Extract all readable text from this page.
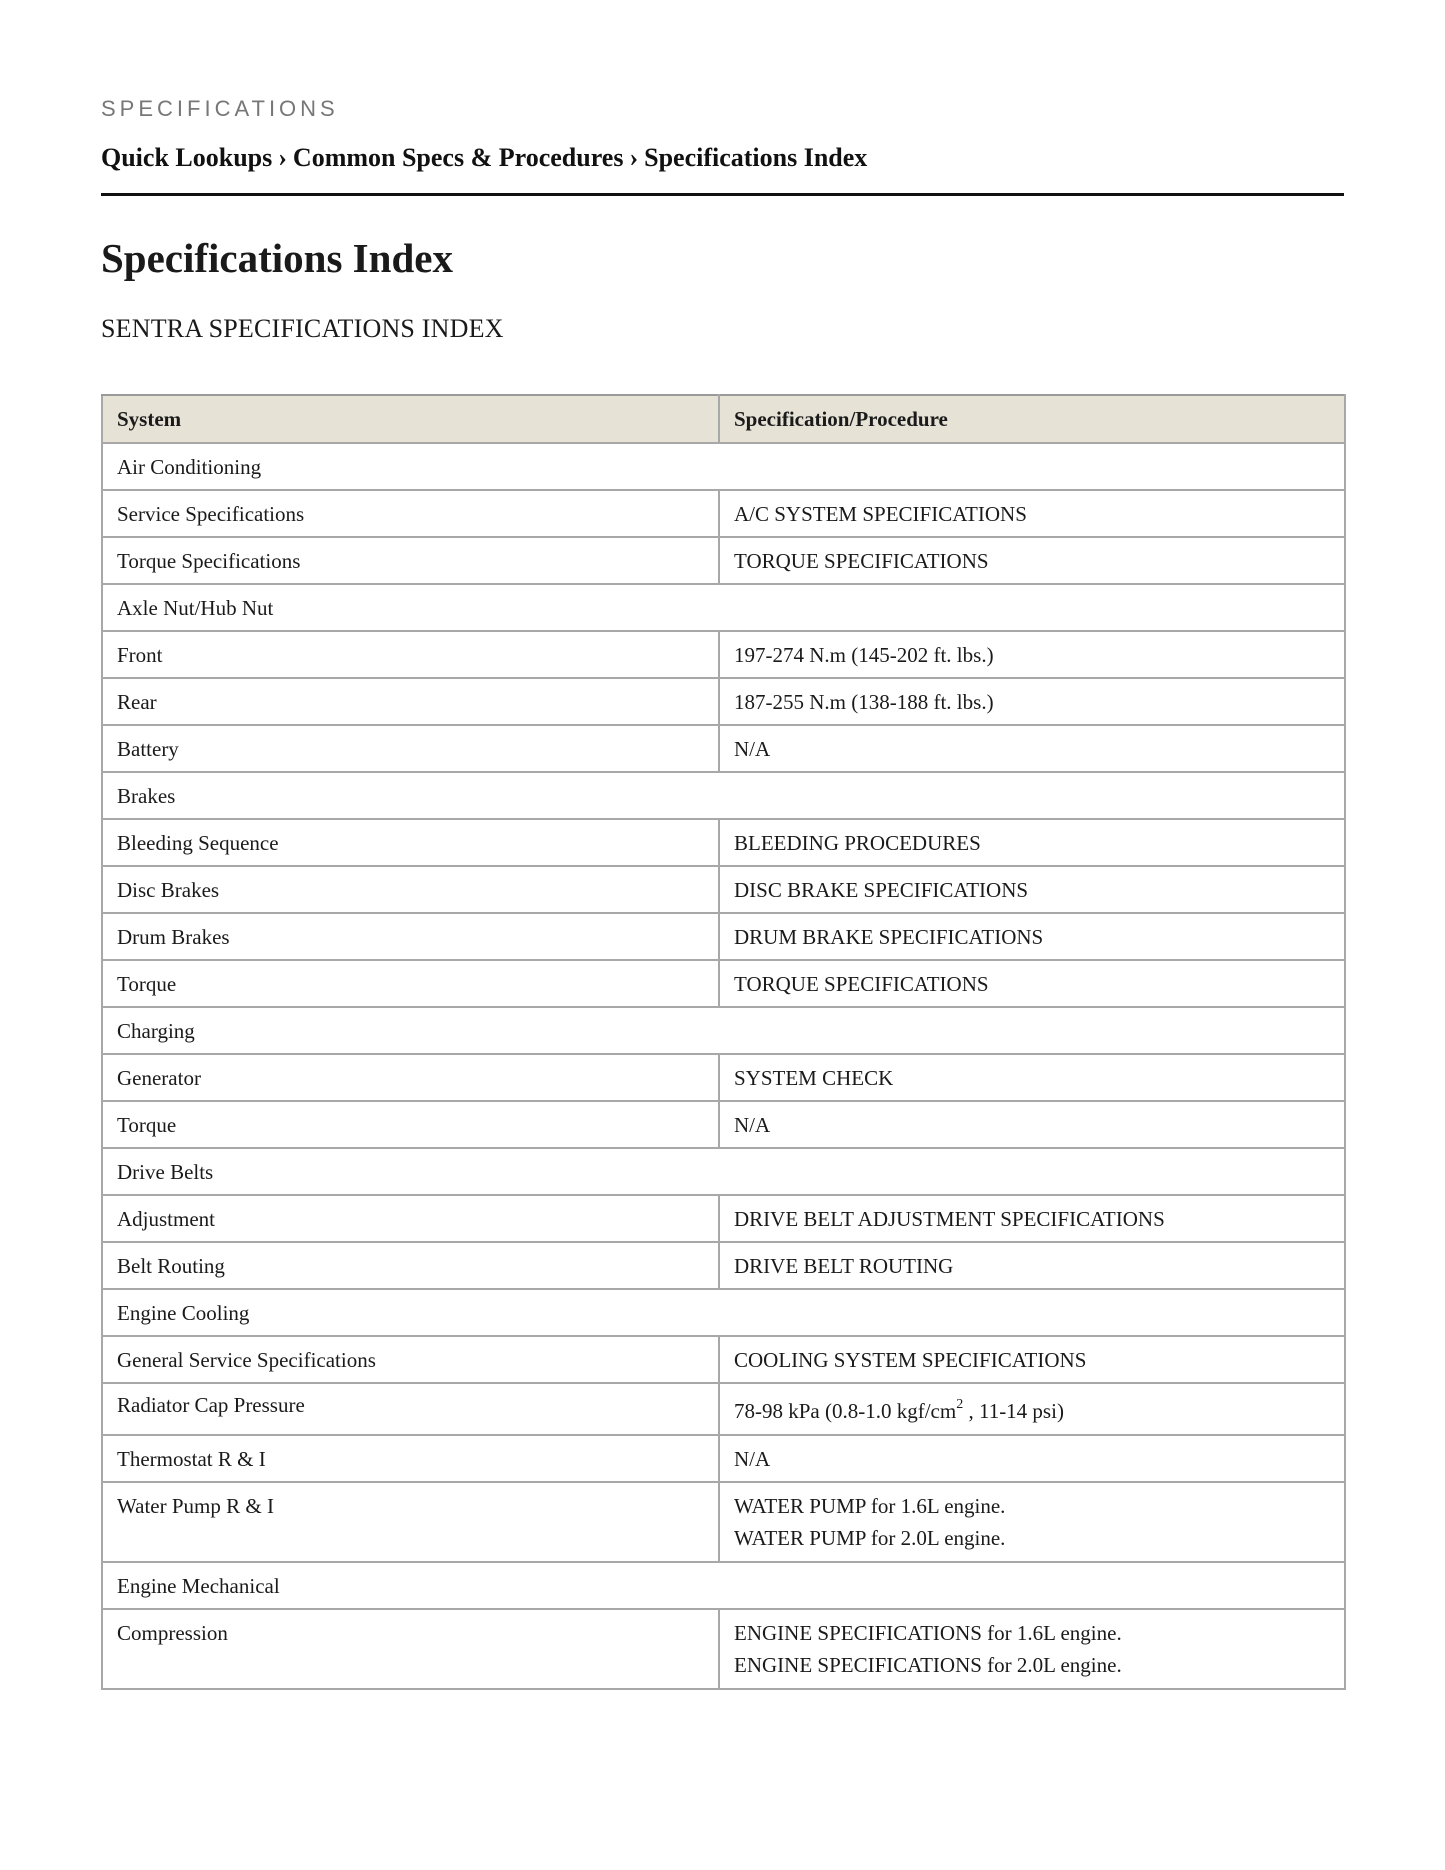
SPECIFICATIONS

Quick Lookups › Common Specs & Procedures › Specifications Index
Specifications Index
SENTRA SPECIFICATIONS INDEX
System	Specification/Procedure
Air Conditioning	
Service Specifications	A/C SYSTEM SPECIFICATIONS
Torque Specifications	TORQUE SPECIFICATIONS
Axle Nut/Hub Nut	
Front	197-274 N.m (145-202 ft. lbs.)
Rear	187-255 N.m (138-188 ft. lbs.)
Battery	N/A
Brakes	
Bleeding Sequence	BLEEDING PROCEDURES
Disc Brakes	DISC BRAKE SPECIFICATIONS
Drum Brakes	DRUM BRAKE SPECIFICATIONS
Torque	TORQUE SPECIFICATIONS
Charging	
Generator	SYSTEM CHECK
Torque	N/A
Drive Belts	
Adjustment	DRIVE BELT ADJUSTMENT SPECIFICATIONS
Belt Routing	DRIVE BELT ROUTING
Engine Cooling	
General Service Specifications	COOLING SYSTEM SPECIFICATIONS
Radiator Cap Pressure	78-98 kPa (0.8-1.0 kgf/$cm^2$ , 11-14 psi)
Thermostat R & I	N/A
Water Pump R & I	WATER PUMP for 1.6L engine.
WATER PUMP for 2.0L engine.

Engine Mechanical	
Compression	ENGINE SPECIFICATIONS for 1.6L engine.
ENGINE SPECIFICATIONS for 2.0L engine.
